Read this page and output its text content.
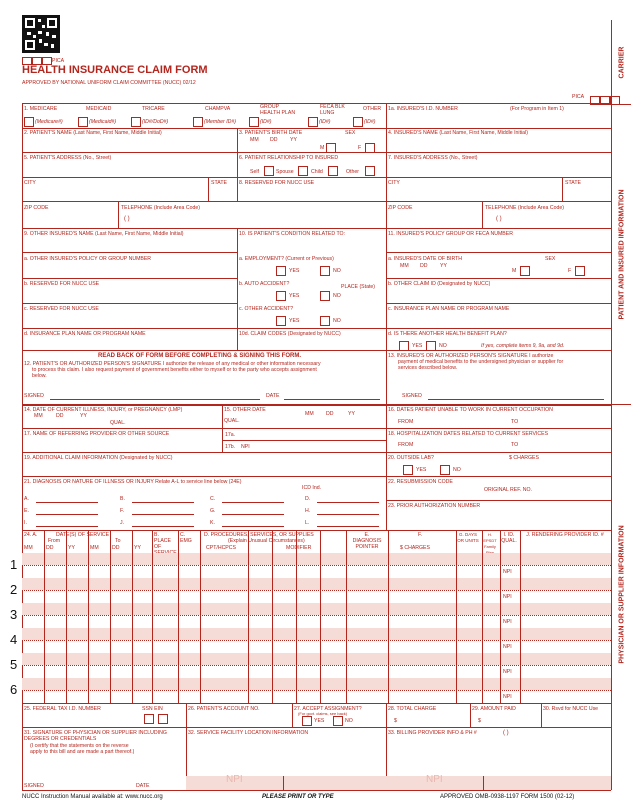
PICA
HEALTH INSURANCE CLAIM FORM
APPROVED BY NATIONAL UNIFORM CLAIM COMMITTEE (NUCC) 02/12
PICA
CARRIER
PATIENT AND INSURED INFORMATION
PHYSICIAN OR SUPPLIER INFORMATION
1. MEDICARE	MEDICAID	TRICARE	CHAMPVA	GROUP HEALTH PLAN
FECA BLK LUNG
OTHER
(Medicare#)	(Medicaid#)	(ID#/DoD#)	(Member ID#)	(ID#)	(ID#)	(ID#)
1a. INSURED'S I.D. NUMBER	(For Program in Item 1)
2. PATIENT'S NAME (Last Name, First Name, Middle Initial)	3. PATIENT'S BIRTH DATE
MM DD YY
SEX
M	F
4. INSURED'S NAME (Last Name, First Name, Middle Initial)
5. PATIENT'S ADDRESS (No., Street)	6. PATIENT RELATIONSHIP TO INSURED
Self	Spouse	Child	Other
7. INSURED'S ADDRESS (No., Street)
CITY	STATE 8. RESERVED FOR NUCC USE	CITY	STATE
ZIP CODE	TELEPHONE (Include Area Code)
( )
ZIP CODE	TELEPHONE (Include Area Code)
( )
9. OTHER INSURED'S NAME (Last Name, First Name, Middle Initial)	10. IS PATIENT'S CONDITION RELATED TO:	11. INSURED'S POLICY GROUP OR FECA NUMBER
a. OTHER INSURED'S POLICY OR GROUP NUMBER	a. EMPLOYMENT? (Current or Previous)
YES	NO
a. INSURED'S DATE OF BIRTH
MM DD YY
SEX
M	F
b. RESERVED FOR NUCC USE	b. AUTO ACCIDENT?	PLACE (State)
YES	NO
b. OTHER CLAIM ID (Designated by NUCC)
c. RESERVED FOR NUCC USE	c. OTHER ACCIDENT?
YES	NO
c. INSURANCE PLAN NAME OR PROGRAM NAME
d. INSURANCE PLAN NAME OR PROGRAM NAME	10d. CLAIM CODES (Designated by NUCC)	d. IS THERE ANOTHER HEALTH BENEFIT PLAN?
YES	NO	If yes, complete items 9, 9a, and 9d.
READ BACK OF FORM BEFORE COMPLETING & SIGNING THIS FORM.
12. PATIENT'S OR AUTHORIZED PERSON'S SIGNATURE I authorize the release of any medical or other information necessary
to process this claim. I also request payment of government benefits either to myself or to the party who accepts assignment
below.
SIGNED	DATE
13. INSURED'S OR AUTHORIZED PERSON'S SIGNATURE I authorize
payment of medical benefits to the undersigned physician or supplier for
services described below.
SIGNED
14. DATE OF CURRENT ILLNESS, INJURY, or PREGNANCY (LMP)
MM	DD	YY
QUAL.
15. OTHER DATE
QUAL.
MM DD	YY
16. DATES PATIENT UNABLE TO WORK IN CURRENT OCCUPATION
FROM	TO
17. NAME OF REFERRING PROVIDER OR OTHER SOURCE	17a.
17b. NPI
18. HOSPITALIZATION DATES RELATED TO CURRENT SERVICES
FROM	TO
19. ADDITIONAL CLAIM INFORMATION (Designated by NUCC)	20. OUTSIDE LAB?	$ CHARGES
YES	NO
21. DIAGNOSIS OR NATURE OF ILLNESS OR INJURY Relate A-L to service line below (24E)
ICD Ind.
A.	B.	C.	D.
E.	F.	G.	H.
I.	J.	K.	L.
22. RESUBMISSION CODE
ORIGINAL REF. NO.
23. PRIOR AUTHORIZATION NUMBER
24. A.	DATE(S) OF SERVICE
From	To
MM	DD	YY	MM	DD	YY
B. PLACE OF
C. EMG
D. PROCEDURES, SERVICES, OR SUPPLIES
(Explain Unusual Circumstances)
CPT/HCPCS	MODIFIER
E. DIAGNOSIS POINTER
F.
$ CHARGES
G. DAYS OR UNITS
H. EPSDT Family
I. ID. QUAL.
J. RENDERING PROVIDER ID. #
1	NPI
2	NPI
3	NPI
4	NPI
5	NPI
6	NPI
25. FEDERAL TAX I.D. NUMBER	SSN EIN	26. PATIENT'S ACCOUNT NO.	27. ACCEPT ASSIGNMENT?
(For govt. claims, see back)
YES	NO
28. TOTAL CHARGE
$
29. AMOUNT PAID
$
30. Rsvd for NUCC Use
31. SIGNATURE OF PHYSICIAN OR SUPPLIER INCLUDING DEGREES OR CREDENTIALS
(I certify that the statements on the reverse
apply to this bill and are made a part thereof.)
SIGNED	DATE
32. SERVICE FACILITY LOCATION INFORMATION	33. BILLING PROVIDER INFO & PH #	( )
NPI	NPI
NUCC Instruction Manual available at: www.nucc.org	PLEASE PRINT OR TYPE	APPROVED OMB-0938-1197 FORM 1500 (02-12)
